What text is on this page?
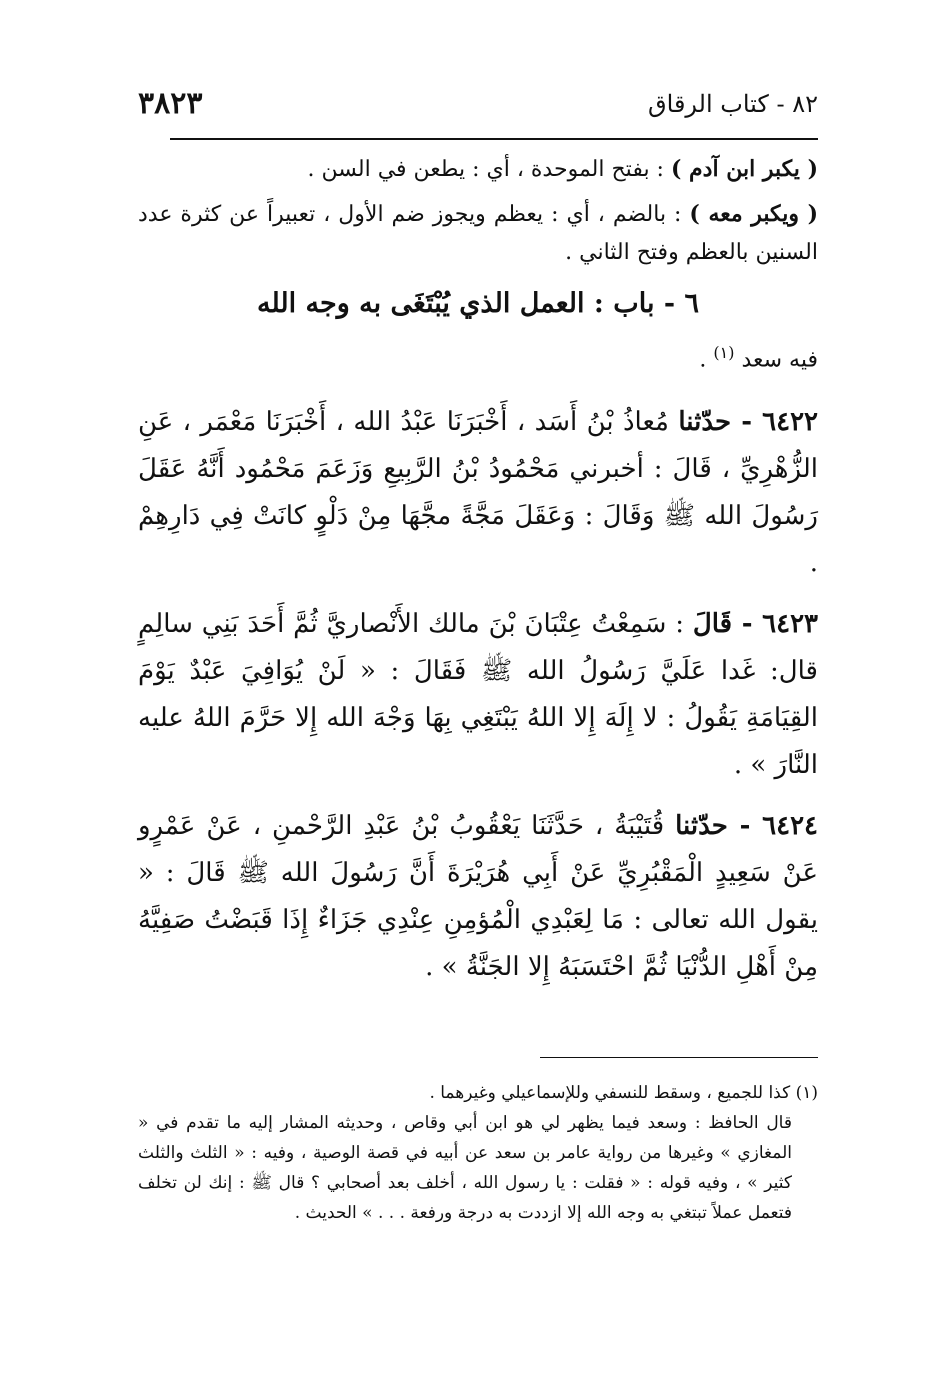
٨٢ - كتاب الرقاق
٣٨٢٣

( يكبر ابن آدم ) : بفتح الموحدة ، أي : يطعن في السن .

( ويكبر معه ) : بالضم ، أي : يعظم ويجوز ضم الأول ، تعبيراً عن كثرة عدد السنين بالعظم وفتح الثاني .

٦ - باب : العمل الذي يُبْتَغَى به وجه الله

فيه سعد $^{(١)}$ .

٦٤٢٢ - حدّثنا مُعاذُ بْنُ أَسَد ، أَخْبَرَنَا عَبْدُ الله ، أَخْبَرَنَا مَعْمَر ، عَنِ الزُّهْرِيِّ ، قَالَ : أخبرني مَحْمُودُ بْنُ الرَّبِيعِ وَزَعَمَ مَحْمُود أَنَّهُ عَقَلَ رَسُولَ الله ﷺ وَقَالَ : وَعَقَلَ مَجَّةً مجَّهَا مِنْ دَلْوٍ كانَتْ فِي دَارِهِمْ .

٦٤٢٣ - قَالَ : سَمِعْتُ عِتْبَانَ بْنَ مالك الأَنْصاريَّ ثُمَّ أَحَدَ بَنِي سالِمٍ قال: غَدا عَلَيَّ رَسُولُ الله ﷺ فَقَالَ : « لَنْ يُوَافِيَ عَبْدٌ يَوْمَ القِيَامَةِ يَقُولُ : لا إِلَهَ إِلا اللهُ يَبْتَغِي بِهَا وَجْهَ الله إِلا حَرَّمَ اللهُ عليه النَّارَ » .

٦٤٢٤ - حدّثنا قُتَيْبَةُ ، حَدَّثَنَا يَعْقُوبُ بْنُ عَبْدِ الرَّحْمنِ ، عَنْ عَمْرٍو عَنْ سَعِيدٍ الْمَقْبُرِيِّ عَنْ أَبِي هُرَيْرَةَ أَنَّ رَسُولَ الله ﷺ قَالَ : « يقول الله تعالى : مَا لِعَبْدِي الْمُؤمِنِ عِنْدِي جَزَاءٌ إِذَا قَبَضْتُ صَفِيَّهُ مِنْ أَهْلِ الدُّنْيَا ثُمَّ احْتَسَبَهُ إِلا الجَنَّةُ » .

(١) كذا للجميع ، وسقط للنسفي وللإسماعيلي وغيرهما .

قال الحافظ : وسعد فيما يظهر لي هو ابن أبي وقاص ، وحديثه المشار إليه ما تقدم في « المغازي » وغيرها من رواية عامر بن سعد عن أبيه في قصة الوصية ، وفيه : « الثلث والثلث كثير » ، وفيه قوله : « فقلت : يا رسول الله ، أخلف بعد أصحابي ؟ قال ﷺ : إنك لن تخلف فتعمل عملاً تبتغي به وجه الله إلا ازددت به درجة ورفعة . . . » الحديث .
